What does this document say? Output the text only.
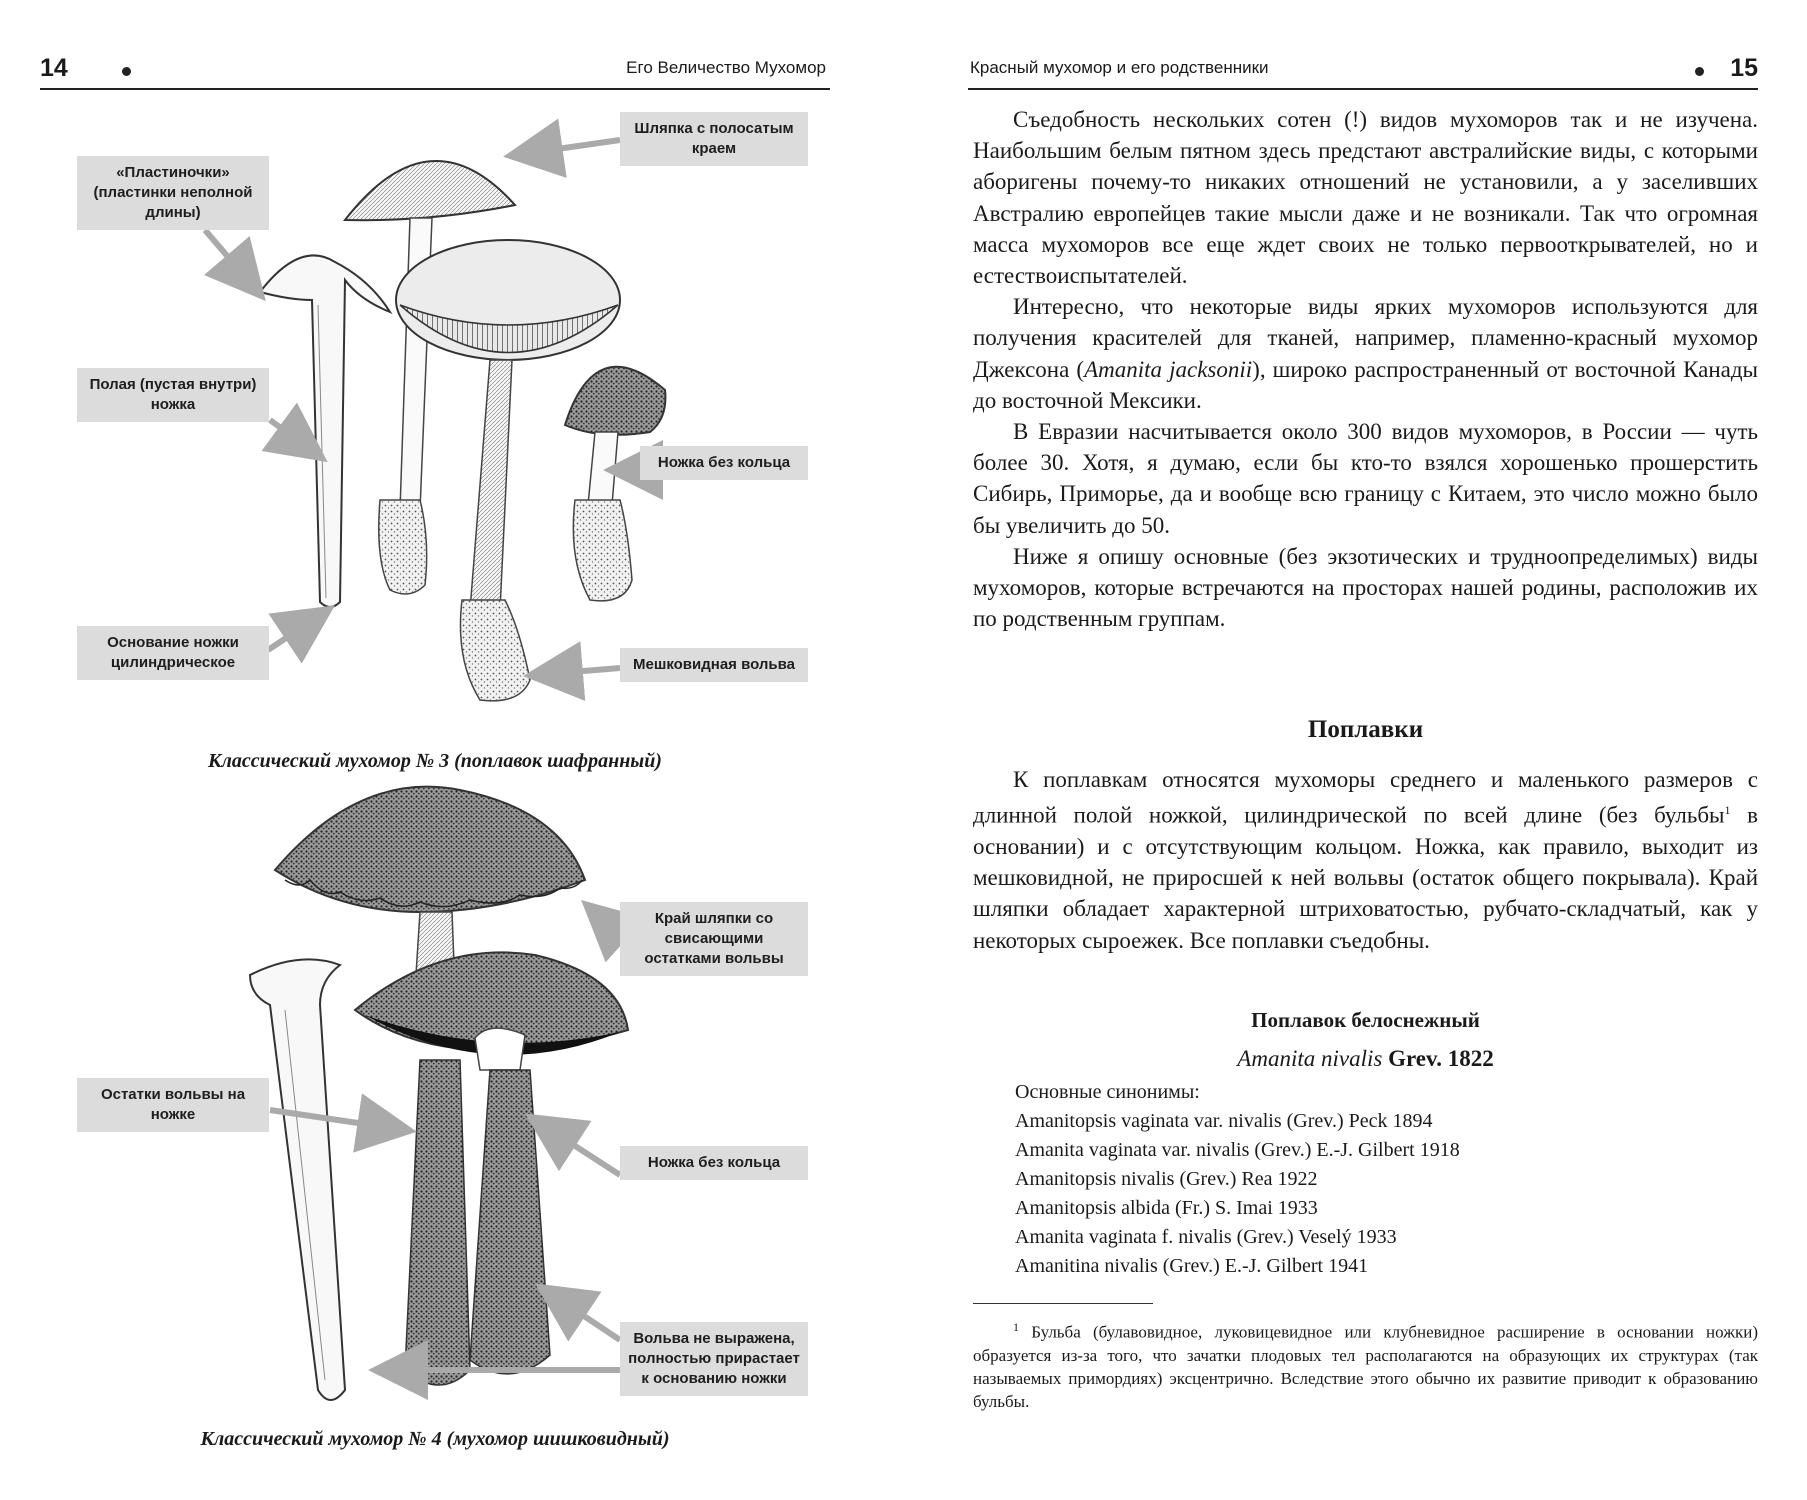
14	Его Величество Мухомор
«Пластиночки» (пластинки неполной длины)
Шляпка с полосатым краем
Полая (пустая внутри) ножка
Ножка без кольца
Основание ножки цилиндрическое	Мешковидная вольва
Классический мухомор № 3 (поплавок шафранный)
Край шляпки со свисающими остатками вольвы
Остатки вольвы на ножке
Ножка без кольца
Вольва не выражена, полностью прирастает к основанию ножки
Классический мухомор № 4 (мухомор шишковидный)
Красный мухомор и его родственники	15

Съедобность нескольких сотен (!) видов мухоморов так и не изучена. Наибольшим белым пятном здесь предстают австралийские виды, с которыми аборигены почему-то никаких отношений не установили, а у заселивших Австралию европейцев такие мысли даже и не возникали. Так что огромная масса мухоморов все еще ждет своих не только первооткрывателей, но и естествоиспытателей.

Интересно, что некоторые виды ярких мухоморов используются для получения красителей для тканей, например, пламенно-красный мухомор Джексона (Amanita jacksonii), широко распространенный от восточной Канады до восточной Мексики.

В Евразии насчитывается около 300 видов мухоморов, в России — чуть более 30. Хотя, я думаю, если бы кто-то взялся хорошенько прошерстить Сибирь, Приморье, да и вообще всю границу с Китаем, это число можно было бы увеличить до 50.

Ниже я опишу основные (без экзотических и трудноопределимых) виды мухоморов, которые встречаются на просторах нашей родины, расположив их по родственным группам.

Поплавки

К поплавкам относятся мухоморы среднего и маленького размеров с длинной полой ножкой, цилиндрической по всей длине (без бульбы$^1$ в основании) и с отсутствующим кольцом. Ножка, как правило, выходит из мешковидной, не приросшей к ней вольвы (остаток общего покрывала). Край шляпки обладает характерной штриховатостью, рубчато-складчатый, как у некоторых сыроежек. Все поплавки съедобны.

Поплавок белоснежный
Amanita nivalis Grev. 1822
Основные синонимы:
Amanitopsis vaginata var. nivalis (Grev.) Peck 1894
Amanita vaginata var. nivalis (Grev.) E.-J. Gilbert 1918
Amanitopsis nivalis (Grev.) Rea 1922
Amanitopsis albida (Fr.) S. Imai 1933
Amanita vaginata f. nivalis (Grev.) Veselý 1933
Amanitina nivalis (Grev.) E.-J. Gilbert 1941
$^1$ Бульба (булавовидное, луковицевидное или клубневидное расширение в основании ножки) образуется из-за того, что зачатки плодовых тел располагаются на образующих их структурах (так называемых примордиях) эксцентрично. Вследствие этого обычно их развитие приводит к образованию бульбы.
